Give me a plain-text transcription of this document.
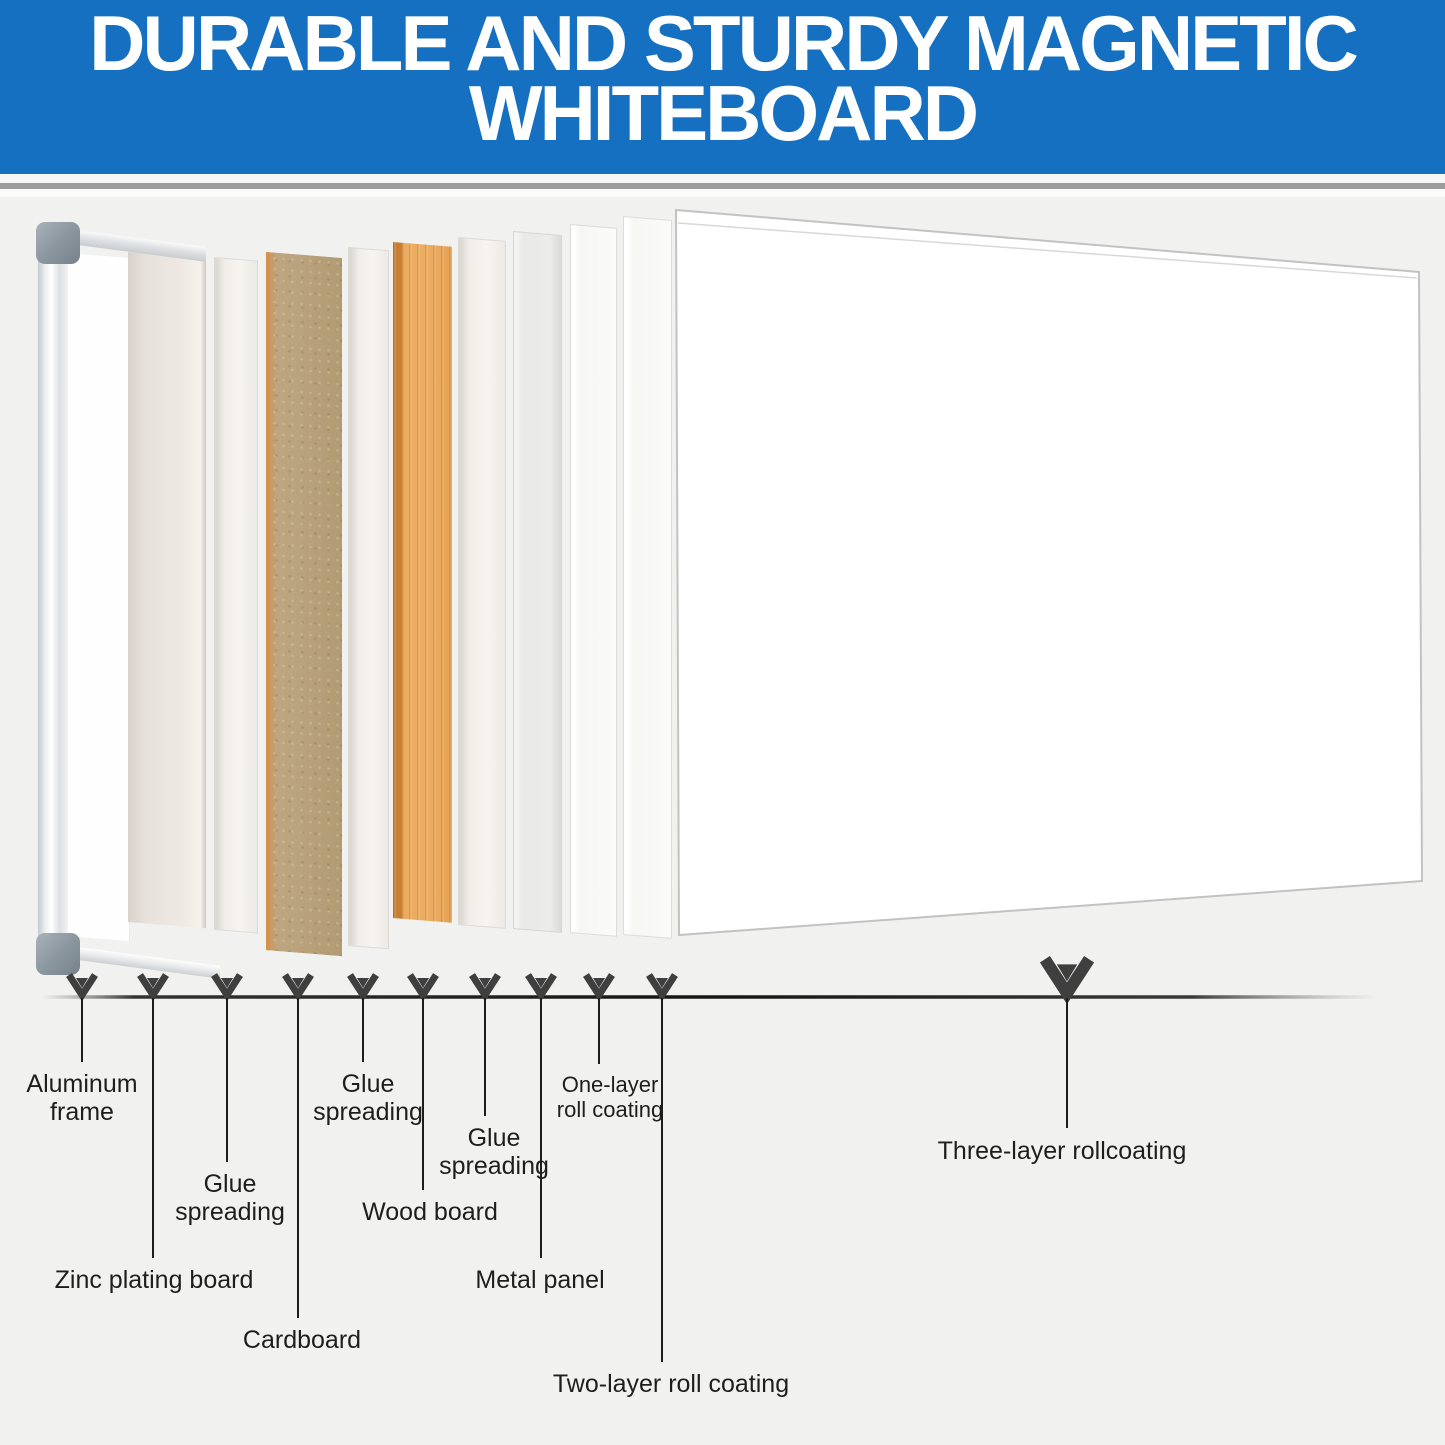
DURABLE AND STURDY MAGNETIC WHITEBOARD
Aluminum
frame
Zinc plating board
Glue
spreading
Cardboard
Glue
spreading
Wood board
Glue
spreading
Metal panel
One-layer
roll coating
Two-layer roll coating
Three-layer rollcoating
